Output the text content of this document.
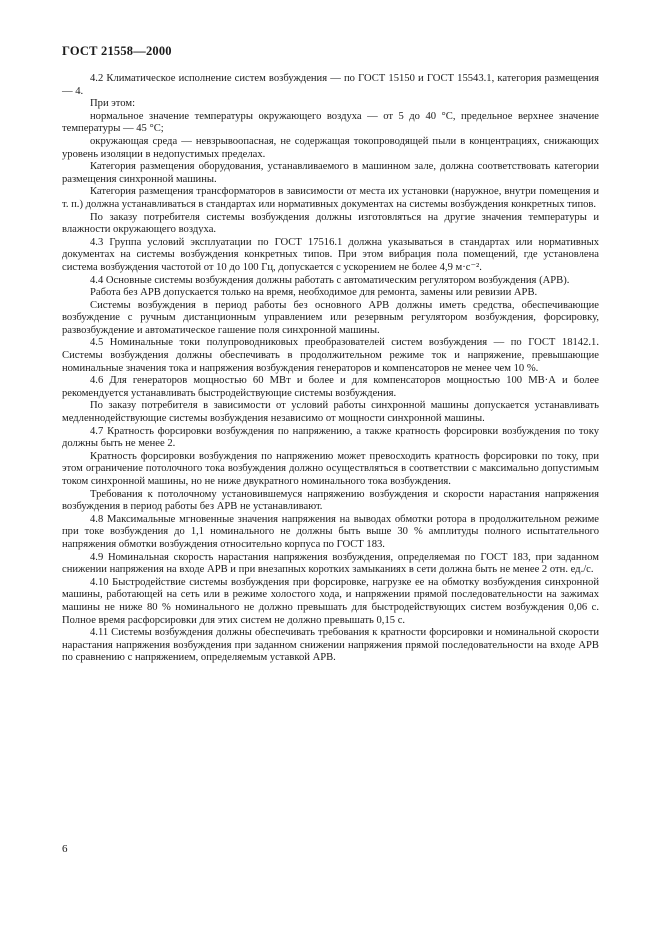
ГОСТ 21558—2000

4.2 Климатическое исполнение систем возбуждения — по ГОСТ 15150 и ГОСТ 15543.1, категория размещения — 4.

При этом:

нормальное значение температуры окружающего воздуха — от 5 до 40 °С, предельное верхнее значение температуры — 45 °С;

окружающая среда — невзрывоопасная, не содержащая токопроводящей пыли в концентрациях, снижающих уровень изоляции в недопустимых пределах.

Категория размещения оборудования, устанавливаемого в машинном зале, должна соответствовать категории размещения синхронной машины.

Категория размещения трансформаторов в зависимости от места их установки (наружное, внутри помещения и т. п.) должна устанавливаться в стандартах или нормативных документах на системы возбуждения конкретных типов.

По заказу потребителя системы возбуждения должны изготовляться на другие значения температуры и влажности окружающего воздуха.

4.3 Группа условий эксплуатации по ГОСТ 17516.1 должна указываться в стандартах или нормативных документах на системы возбуждения конкретных типов. При этом вибрация пола помещений, где установлена система возбуждения частотой от 10 до 100 Гц, допускается с ускорением не более 4,9 м·с⁻².

4.4 Основные системы возбуждения должны работать с автоматическим регулятором возбуждения (АРВ).

Работа без АРВ допускается только на время, необходимое для ремонта, замены или ревизии АРВ.

Системы возбуждения в период работы без основного АРВ должны иметь средства, обеспечивающие возбуждение с ручным дистанционным управлением или резервным регулятором возбуждения, форсировку, развозбуждение и автоматическое гашение поля синхронной машины.

4.5 Номинальные токи полупроводниковых преобразователей систем возбуждения — по ГОСТ 18142.1. Системы возбуждения должны обеспечивать в продолжительном режиме ток и напряжение, превышающие номинальные значения тока и напряжения возбуждения генераторов и компенсаторов не менее чем 10 %.

4.6 Для генераторов мощностью 60 МВт и более и для компенсаторов мощностью 100 МВ·А и более рекомендуется устанавливать быстродействующие системы возбуждения.

По заказу потребителя в зависимости от условий работы синхронной машины допускается устанавливать медленнодействующие системы возбуждения независимо от мощности синхронной машины.

4.7 Кратность форсировки возбуждения по напряжению, а также кратность форсировки возбуждения по току должны быть не менее 2.

Кратность форсировки возбуждения по напряжению может превосходить кратность форсировки по току, при этом ограничение потолочного тока возбуждения должно осуществляться в соответствии с максимально допустимым током синхронной машины, но не ниже двукратного номинального тока возбуждения.

Требования к потолочному установившемуся напряжению возбуждения и скорости нарастания напряжения возбуждения в период работы без АРВ не устанавливают.

4.8 Максимальные мгновенные значения напряжения на выводах обмотки ротора в продолжительном режиме при токе возбуждения до 1,1 номинального не должны быть выше 30 % амплитуды полного испытательного напряжения обмотки возбуждения относительно корпуса по ГОСТ 183.

4.9 Номинальная скорость нарастания напряжения возбуждения, определяемая по ГОСТ 183, при заданном снижении напряжения на входе АРВ и при внезапных коротких замыканиях в сети должна быть не менее 2 отн. ед./с.

4.10 Быстродействие системы возбуждения при форсировке, нагрузке ее на обмотку возбуждения синхронной машины, работающей на сеть или в режиме холостого хода, и напряжении прямой последовательности на зажимах машины не ниже 80 % номинального не должно превышать для быстродействующих систем возбуждения 0,06 с. Полное время расфорсировки для этих систем не должно превышать 0,15 с.

4.11 Системы возбуждения должны обеспечивать требования к кратности форсировки и номинальной скорости нарастания напряжения возбуждения при заданном снижении напряжения прямой последовательности на входе АРВ по сравнению с напряжением, определяемым уставкой АРВ.

6
